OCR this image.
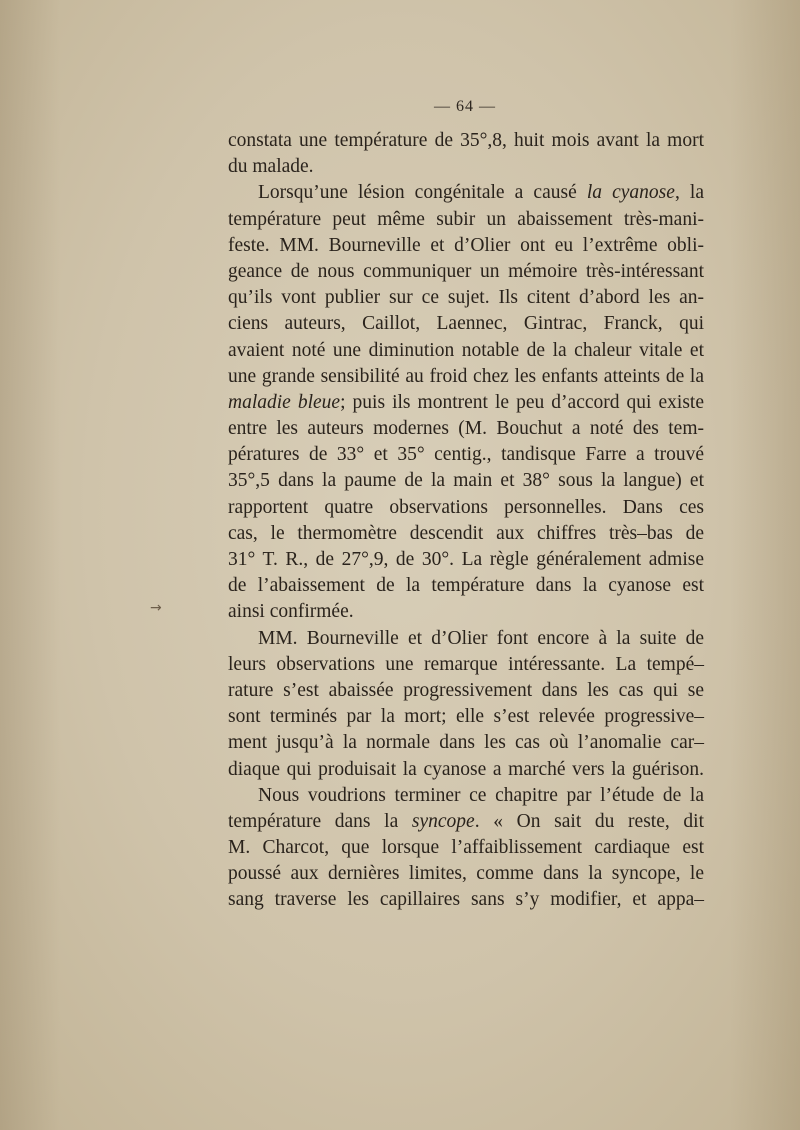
— 64 —
→
constata une température de 35°,8, huit mois avant la mort
du malade.
Lorsqu’une lésion congénitale a causé la cyanose, la
température peut même subir un abaissement très-mani-
feste. MM. Bourneville et d’Olier ont eu l’extrême obli-
geance de nous communiquer un mémoire très-intéressant
qu’ils vont publier sur ce sujet. Ils citent d’abord les an-
ciens auteurs, Caillot, Laennec, Gintrac, Franck, qui
avaient noté une diminution notable de la chaleur vitale et
une grande sensibilité au froid chez les enfants atteints de la
maladie bleue; puis ils montrent le peu d’accord qui existe
entre les auteurs modernes (M. Bouchut a noté des tem-
pératures de 33° et 35° centig., tandisque Farre a trouvé
35°,5 dans la paume de la main et 38° sous la langue) et
rapportent quatre observations personnelles. Dans ces
cas, le thermomètre descendit aux chiffres très–bas de
31° T. R., de 27°,9, de 30°. La règle généralement admise
de l’abaissement de la température dans la cyanose est
ainsi confirmée.
MM. Bourneville et d’Olier font encore à la suite de
leurs observations une remarque intéressante. La tempé–
rature s’est abaissée progressivement dans les cas qui se
sont terminés par la mort; elle s’est relevée progressive–
ment jusqu’à la normale dans les cas où l’anomalie car–
diaque qui produisait la cyanose a marché vers la guérison.
Nous voudrions terminer ce chapitre par l’étude de la
température dans la syncope. « On sait du reste, dit
M. Charcot, que lorsque l’affaiblissement cardiaque est
poussé aux dernières limites, comme dans la syncope, le
sang traverse les capillaires sans s’y modifier, et appa–
